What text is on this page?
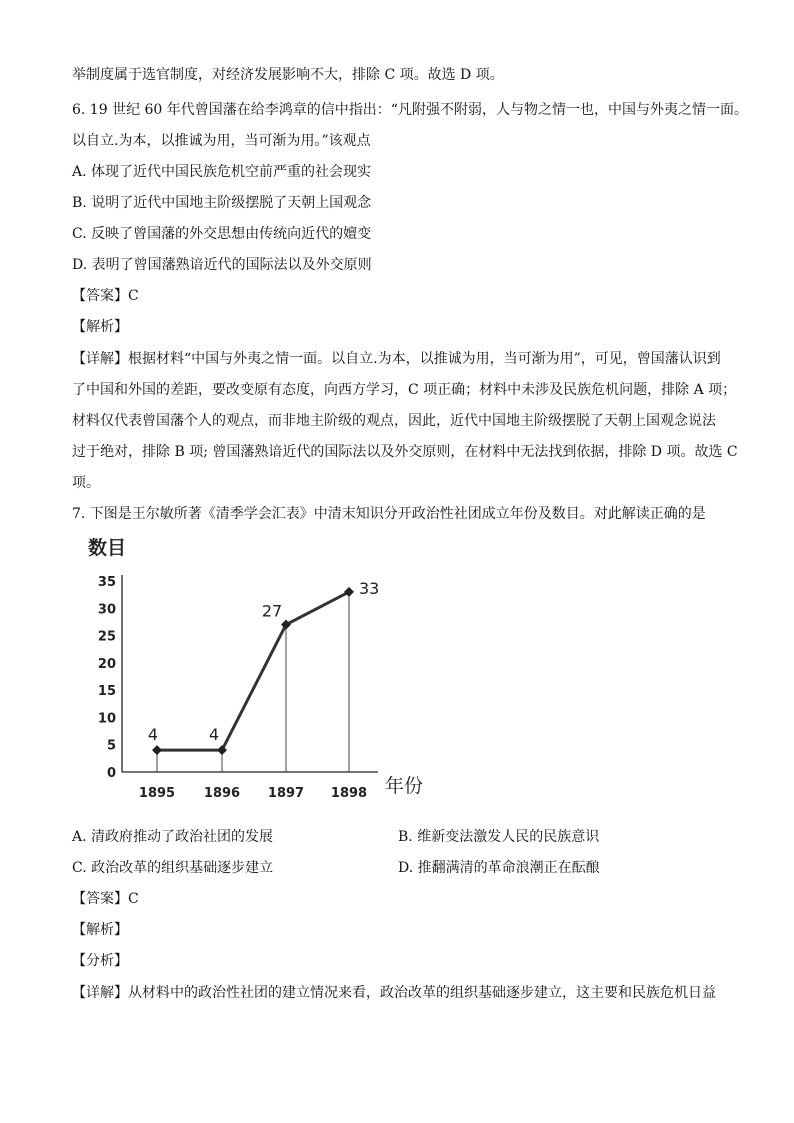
举制度属于选官制度，对经济发展影响不大，排除 C 项。故选 D 项。
6. 19 世纪 60 年代曾国藩在给李鸿章的信中指出：“凡附强不附弱，人与物之情一也，中国与外夷之情一面。
以自立.为本，以推诚为用，当可渐为用。”该观点
A. 体现了近代中国民族危机空前严重的社会现实
B. 说明了近代中国地主阶级摆脱了天朝上国观念
C. 反映了曾国藩的外交思想由传统向近代的嬗变
D. 表明了曾国藩熟谙近代的国际法以及外交原则
【答案】C
【解析】
【详解】根据材料“中国与外夷之情一面。以自立.为本，以推诚为用，当可渐为用”，可见，曾国藩认识到
了中国和外国的差距，要改变原有态度，向西方学习，C 项正确；材料中未涉及民族危机问题，排除 A 项；
材料仅代表曾国藩个人的观点，而非地主阶级的观点，因此，近代中国地主阶级摆脱了天朝上国观念说法
过于绝对，排除 B 项; 曾国藩熟谙近代的国际法以及外交原则，在材料中无法找到依据，排除 D 项。故选 C
项。
7. 下图是王尔敏所著《清季学会汇表》中清末知识分开政治性社团成立年份及数目。对此解读正确的是
数目
年份
0
5
10
15
20
25
30
35
1895 1896 1897 1898
4	4
27
33
A. 清政府推动了政治社团的发展	B. 维新变法激发人民的民族意识
C. 政治改革的组织基础逐步建立	D. 推翻满清的革命浪潮正在酝酿
【答案】C
【解析】
【分析】
【详解】从材料中的政治性社团的建立情况来看，政治改革的组织基础逐步建立，这主要和民族危机日益
